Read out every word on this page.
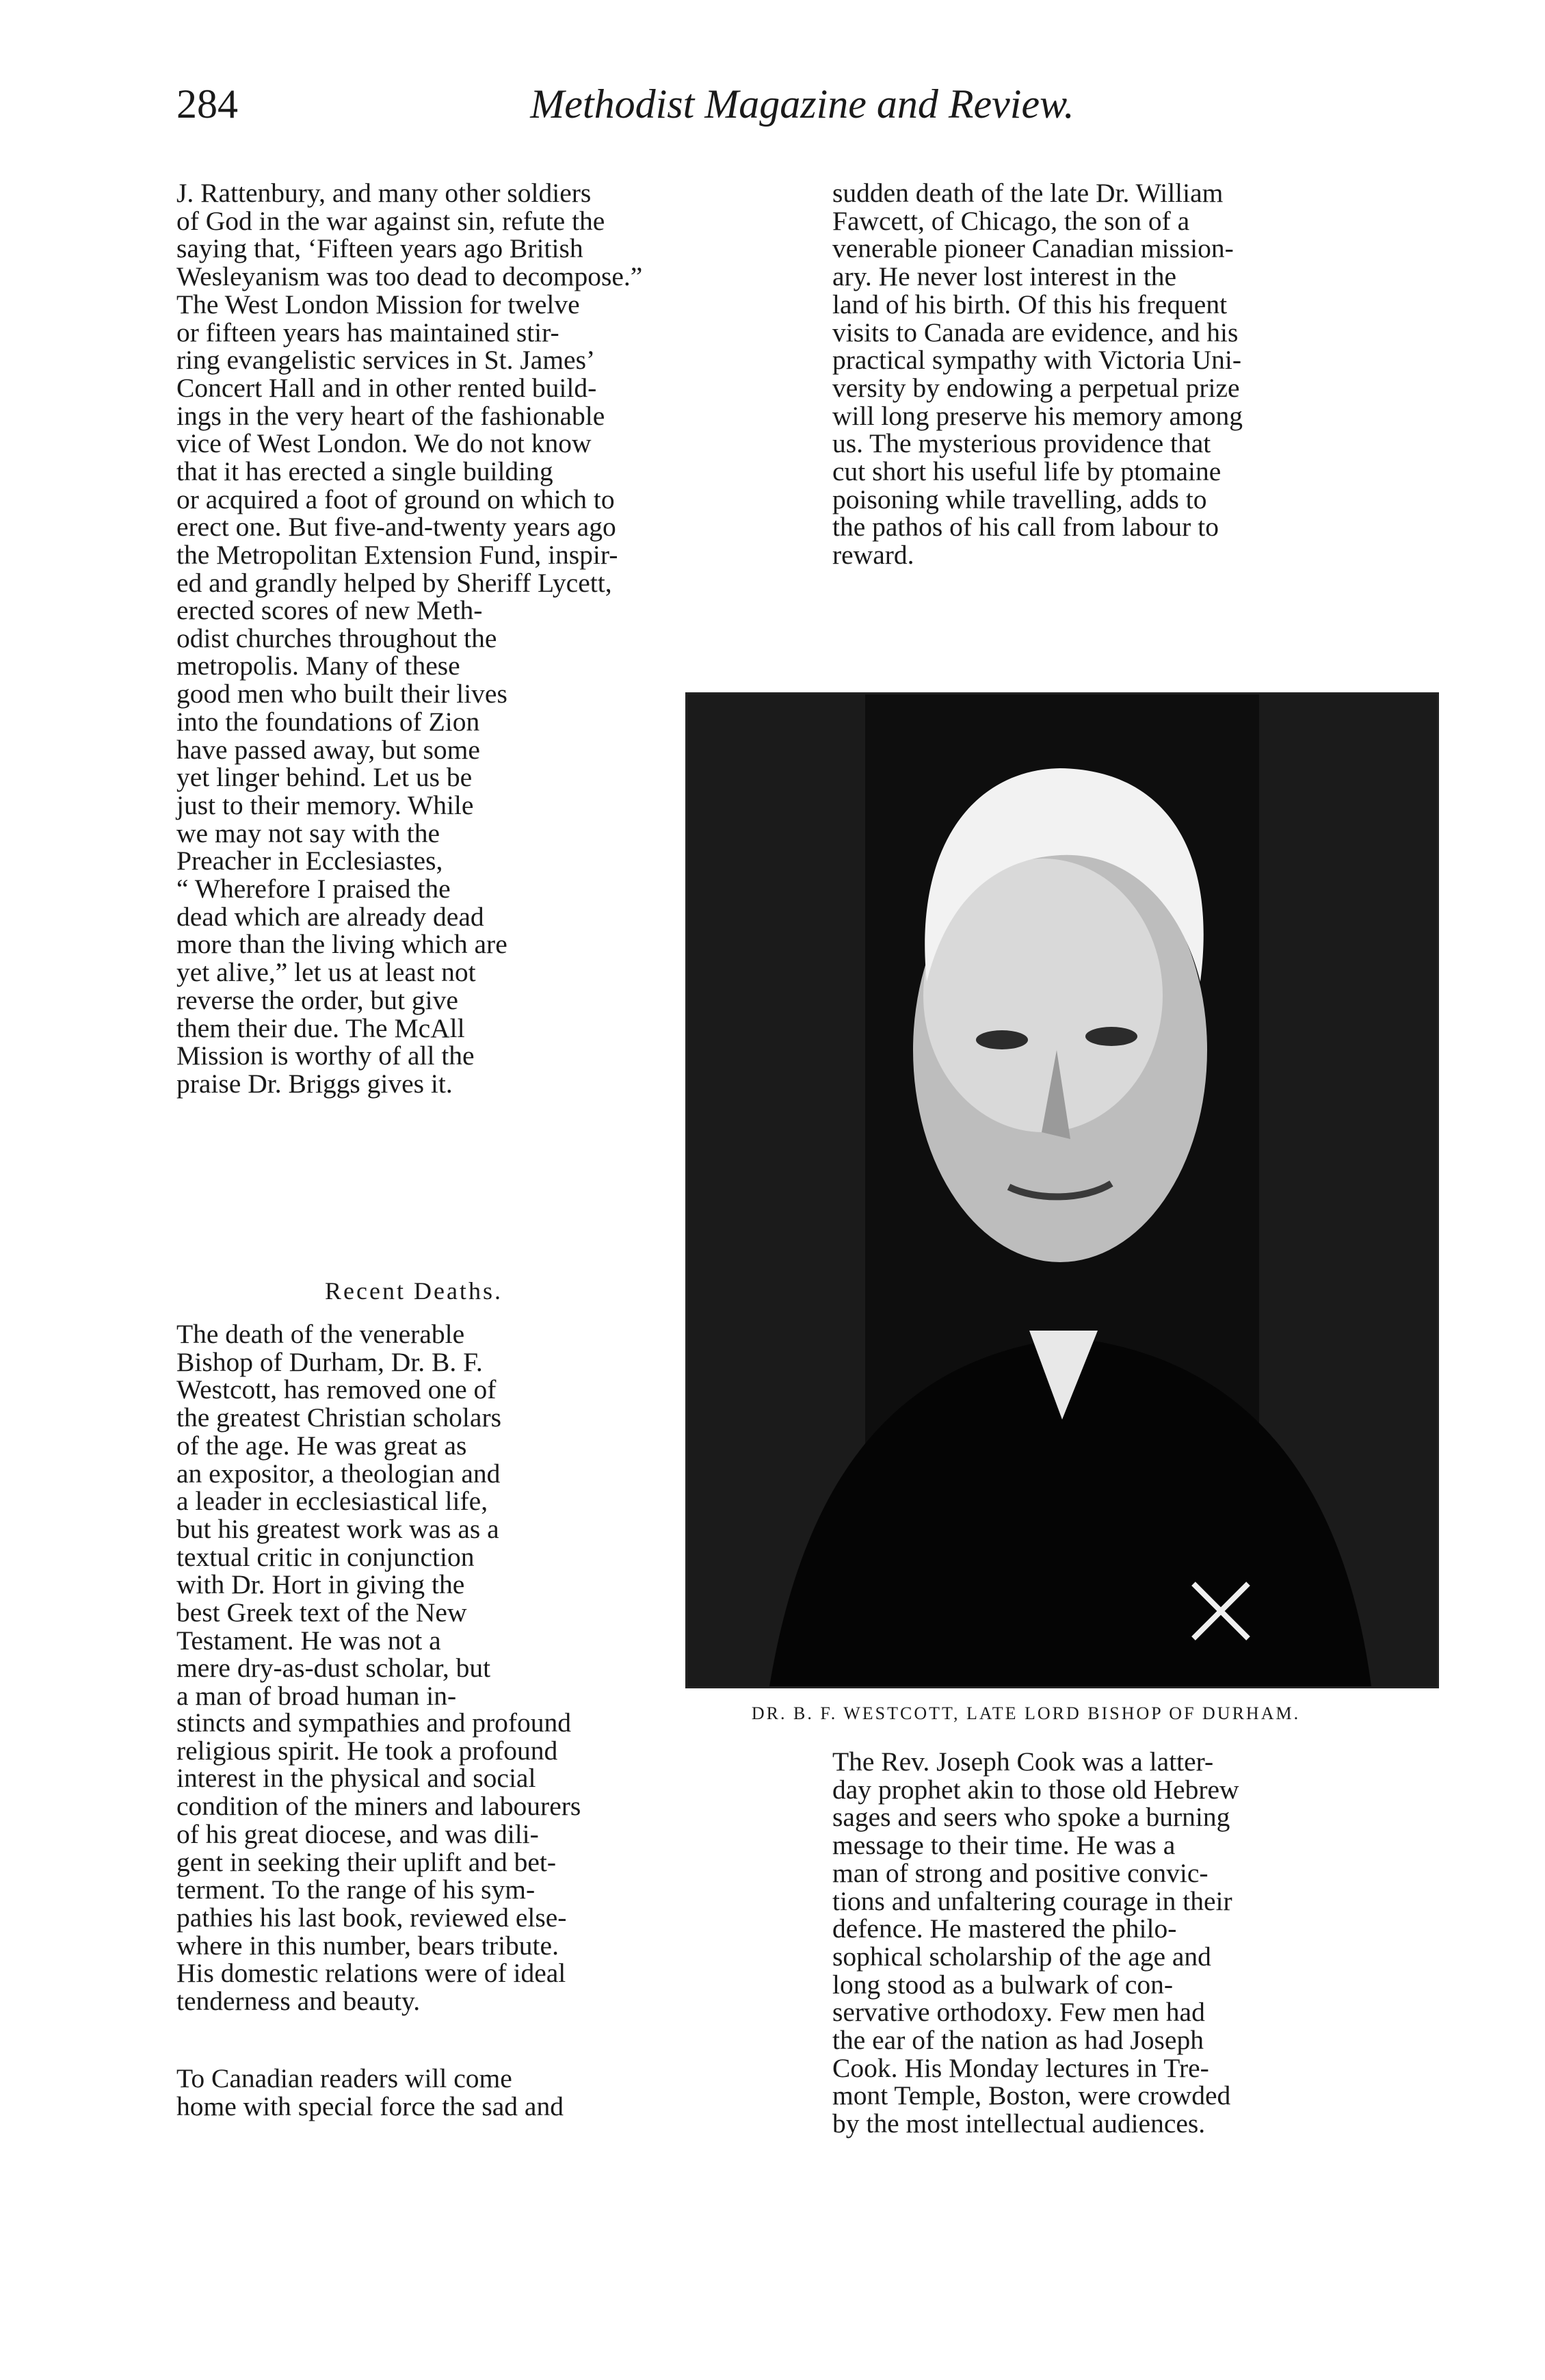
284	Methodist Magazine and Review.

J. Rattenbury, and many other soldiers
of God in the war against sin, refute the
saying that, ‘Fifteen years ago British
Wesleyanism was too dead to decompose.”
The West London Mission for twelve
or fifteen years has maintained stir-
ring evangelistic services in St. James’
Concert Hall and in other rented build-
ings in the very heart of the fashionable
vice of West London. We do not know
that it has erected a single building
or acquired a foot of ground on which to
erect one. But five-and-twenty years ago
the Metropolitan Extension Fund, inspir-
ed and grandly helped by Sheriff Lycett,

erected scores of new Meth-
odist churches throughout the
metropolis. Many of these
good men who built their lives
into the foundations of Zion
have passed away, but some
yet linger behind. Let us be
just to their memory. While
we may not say with the
Preacher in Ecclesiastes,
“ Wherefore I praised the
dead which are already dead
more than the living which are
yet alive,” let us at least not
reverse the order, but give
them their due. The McAll
Mission is worthy of all the
praise Dr. Briggs gives it.

Recent Deaths.

The death of the venerable
Bishop of Durham, Dr. B. F.
Westcott, has removed one of
the greatest Christian scholars
of the age. He was great as
an expositor, a theologian and
a leader in ecclesiastical life,
but his greatest work was as a
textual critic in conjunction
with Dr. Hort in giving the
best Greek text of the New
Testament. He was not a
mere dry-as-dust scholar, but
a man of broad human in-

stincts and sympathies and profound
religious spirit. He took a profound
interest in the physical and social
condition of the miners and labourers
of his great diocese, and was dili-
gent in seeking their uplift and bet-
terment. To the range of his sym-
pathies his last book, reviewed else-
where in this number, bears tribute.
His domestic relations were of ideal
tenderness and beauty.

To Canadian readers will come
home with special force the sad and

sudden death of the late Dr. William
Fawcett, of Chicago, the son of a
venerable pioneer Canadian mission-
ary. He never lost interest in the
land of his birth. Of this his frequent
visits to Canada are evidence, and his
practical sympathy with Victoria Uni-
versity by endowing a perpetual prize
will long preserve his memory among
us. The mysterious providence that
cut short his useful life by ptomaine
poisoning while travelling, adds to
the pathos of his call from labour to
reward.

DR. B. F. WESTCOTT, LATE LORD BISHOP OF DURHAM.

The Rev. Joseph Cook was a latter-
day prophet akin to those old Hebrew
sages and seers who spoke a burning
message to their time. He was a
man of strong and positive convic-
tions and unfaltering courage in their
defence. He mastered the philo-
sophical scholarship of the age and
long stood as a bulwark of con-
servative orthodoxy. Few men had
the ear of the nation as had Joseph
Cook. His Monday lectures in Tre-
mont Temple, Boston, were crowded
by the most intellectual audiences.
